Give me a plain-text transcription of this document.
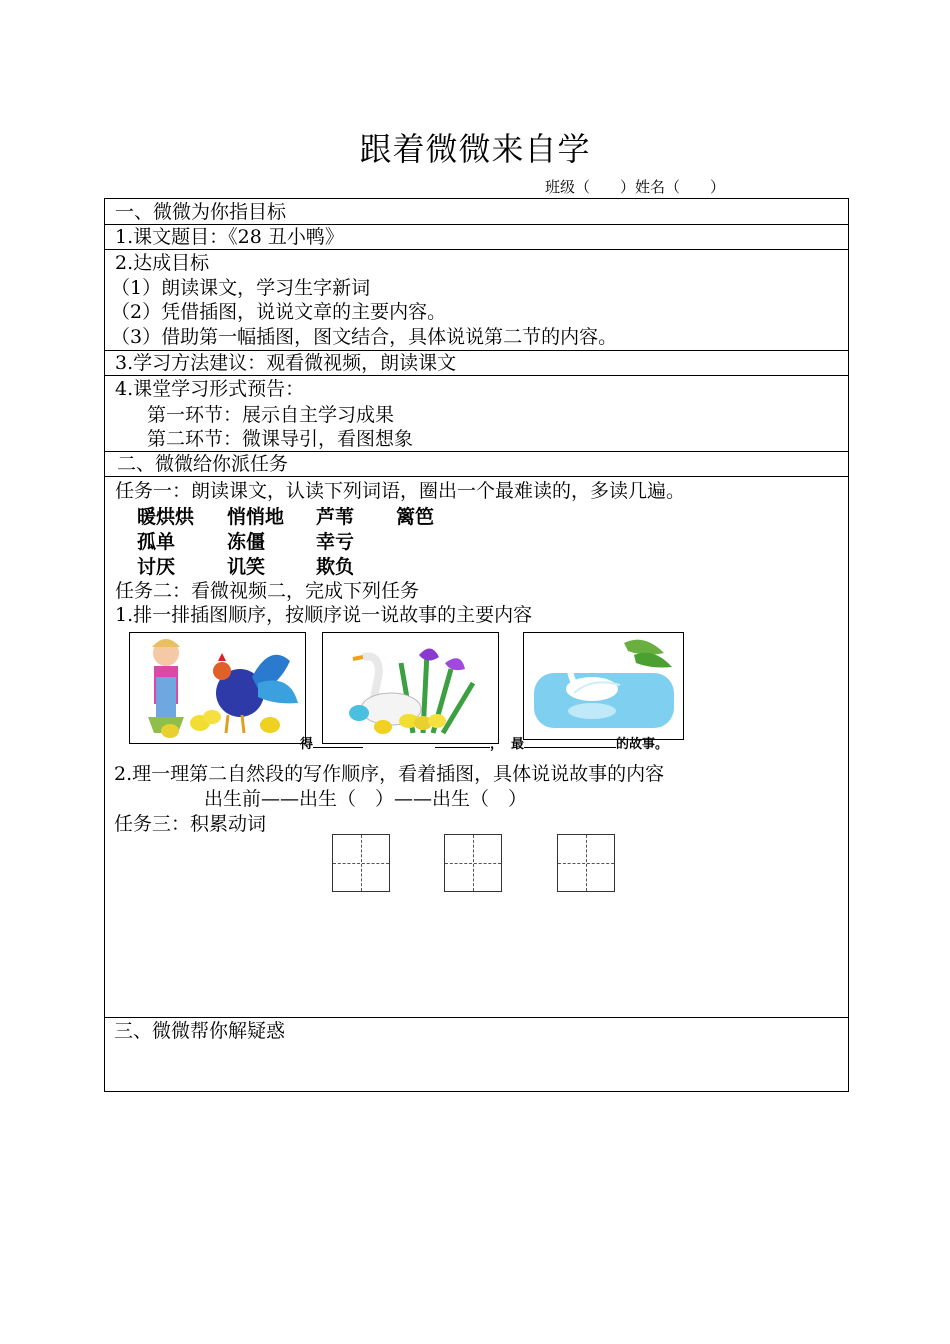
跟着微微来自学
班级（　　）姓名（　　）
一、微微为你指目标
1.课文题目：《28 丑小鸭》
2.达成目标
（1）朗读课文，学习生字新词
（2）凭借插图，说说文章的主要内容。
（3）借助第一幅插图，图文结合，具体说说第二节的内容。
3.学习方法建议：观看微视频，朗读课文
4.课堂学习形式预告：
第一环节：展示自主学习成果
第二环节：微课导引，看图想象
二、微微给你派任务
任务一：朗读课文，认读下列词语，圈出一个最难读的，多读几遍。
暖烘烘 悄悄地 芦苇 篱笆
孤单	冻僵	幸亏
讨厌	讥笑	欺负
任务二：看微视频二，完成下列任务
1.排一排插图顺序，按顺序说一说故事的主要内容
得	， 最	的故事。
2.理一理第二自然段的写作顺序，看着插图，具体说说故事的内容
出生前——出生（　）——出生（　）
任务三：积累动词
三、微微帮你解疑惑
